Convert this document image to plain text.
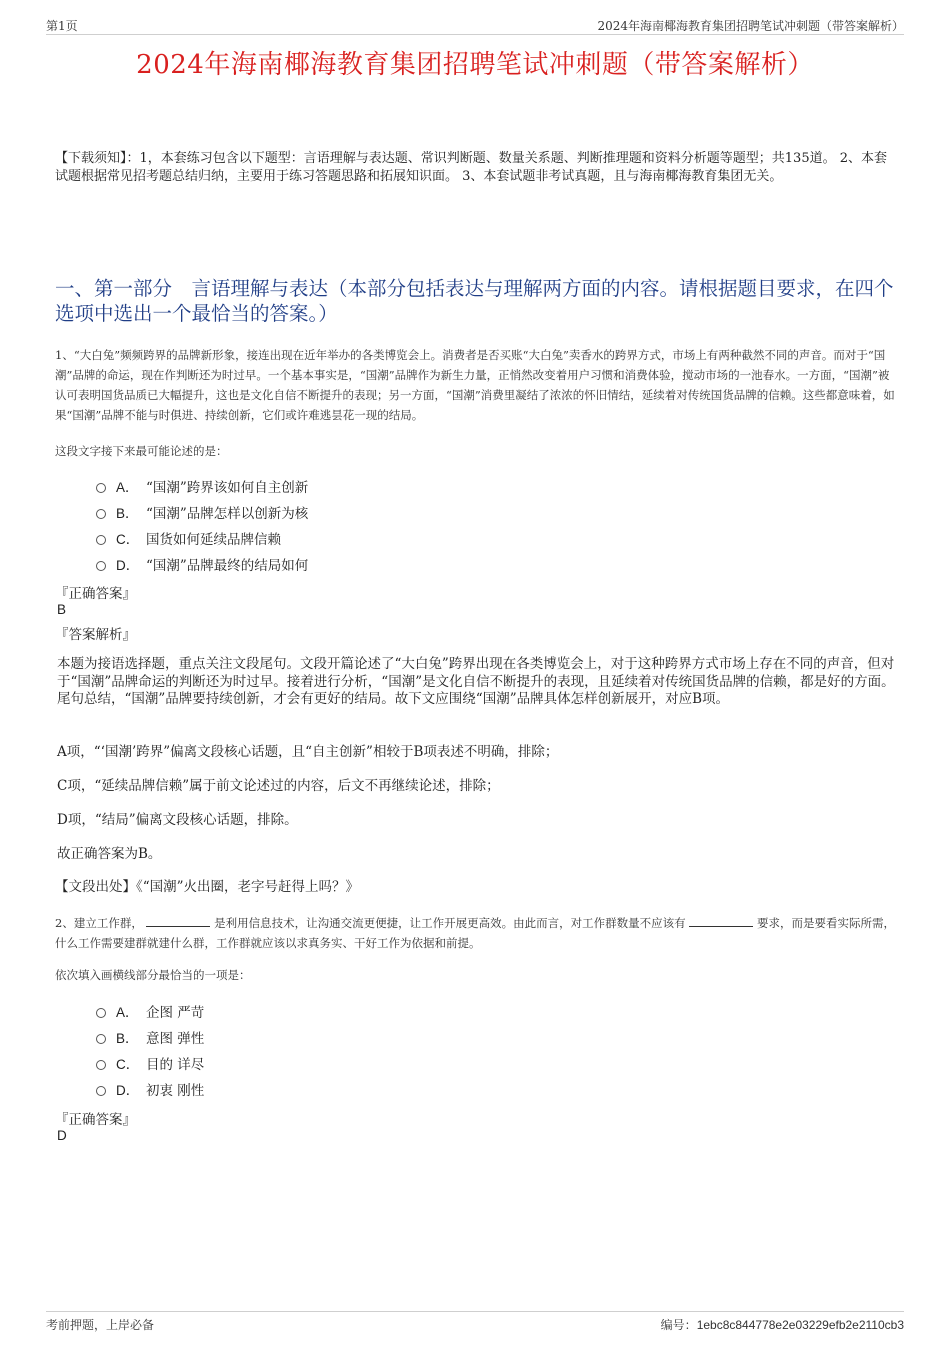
第1页	2024年海南椰海教育集团招聘笔试冲刺题（带答案解析）
2024年海南椰海教育集团招聘笔试冲刺题（带答案解析）
【下载须知】：1，本套练习包含以下题型：言语理解与表达题、常识判断题、数量关系题、判断推理题和资料分析题等题型；共135道。 2、本套试题根据常见招考题总结归纳，主要用于练习答题思路和拓展知识面。 3、本套试题非考试真题，且与海南椰海教育集团无关。
一、第一部分　言语理解与表达（本部分包括表达与理解两方面的内容。请根据题目要求，在四个选项中选出一个最恰当的答案。）
1、“大白兔”频频跨界的品牌新形象，接连出现在近年举办的各类博览会上。消费者是否买账“大白兔”卖香水的跨界方式，市场上有两种截然不同的声音。而对于“国潮”品牌的命运，现在作判断还为时过早。一个基本事实是，“国潮”品牌作为新生力量，正悄然改变着用户习惯和消费体验，搅动市场的一池春水。一方面，“国潮”被认可表明国货品质已大幅提升，这也是文化自信不断提升的表现；另一方面，“国潮”消费里凝结了浓浓的怀旧情结，延续着对传统国货品牌的信赖。这些都意味着，如果“国潮”品牌不能与时俱进、持续创新，它们或许难逃昙花一现的结局。
这段文字接下来最可能论述的是：
A． “国潮”跨界该如何自主创新
B． “国潮”品牌怎样以创新为核
C． 国货如何延续品牌信赖
D． “国潮”品牌最终的结局如何
『正确答案』
B
『答案解析』
本题为接语选择题，重点关注文段尾句。文段开篇论述了“大白兔”跨界出现在各类博览会上，对于这种跨界方式市场上存在不同的声音，但对于“国潮”品牌命运的判断还为时过早。接着进行分析，“国潮”是文化自信不断提升的表现，且延续着对传统国货品牌的信赖，都是好的方面。尾句总结，“国潮”品牌要持续创新，才会有更好的结局。故下文应围绕“国潮”品牌具体怎样创新展开，对应B项。
A项，“‘国潮’跨界”偏离文段核心话题，且“自主创新”相较于B项表述不明确，排除；
C项，“延续品牌信赖”属于前文论述过的内容，后文不再继续论述，排除；
D项，“结局”偏离文段核心话题，排除。
故正确答案为B。
【文段出处】《“国潮”火出圈，老字号赶得上吗？》
2、建立工作群，	是利用信息技术，让沟通交流更便捷，让工作开展更高效。由此而言，对工作群数量不应该有	要求，而是要看实际所需，什么工作需要建群就建什么群，工作群就应该以求真务实、干好工作为依据和前提。
依次填入画横线部分最恰当的一项是：
A． 企图 严苛
B． 意图 弹性
C． 目的 详尽
D． 初衷 刚性
『正确答案』
D
考前押题，上岸必备	编号：1ebc8c844778e2e03229efb2e2110cb3
